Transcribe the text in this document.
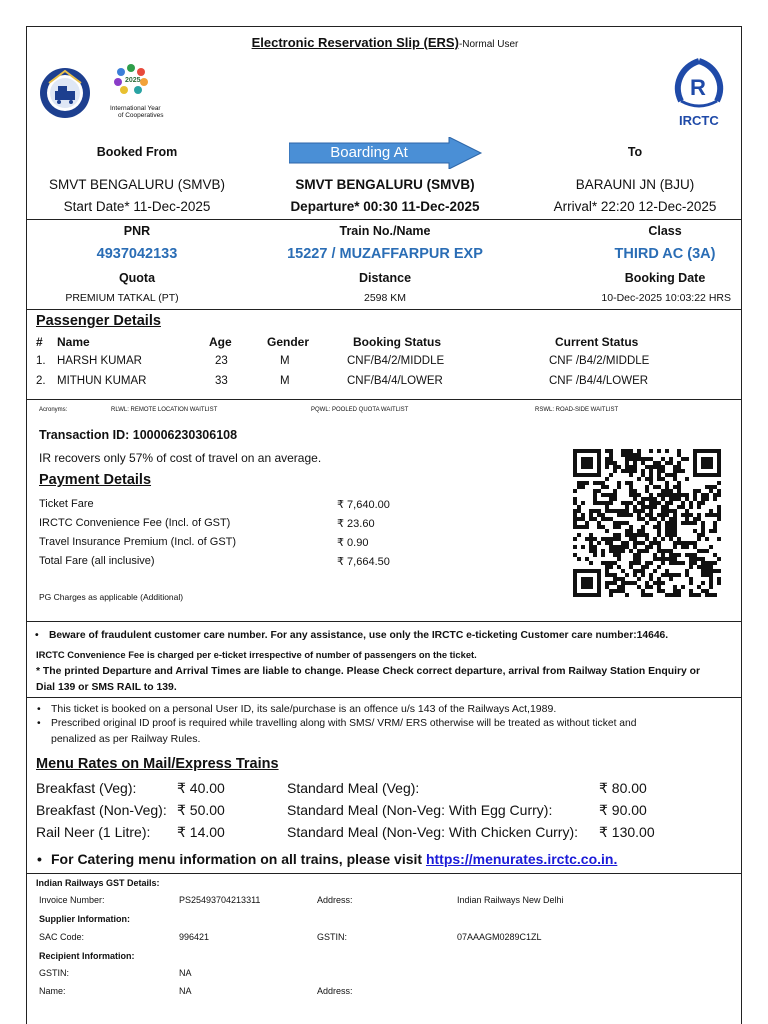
Electronic Reservation Slip (ERS)-Normal User
2025
International Year
of Cooperatives
R
IRCTC
Booked From	Boarding At	To
SMVT BENGALURU (SMVB)	SMVT BENGALURU (SMVB)	BARAUNI JN (BJU)
Start Date* 11-Dec-2025	Departure* 00:30 11-Dec-2025	Arrival* 22:20 12-Dec-2025
PNR	Train No./Name	Class
4937042133	15227 / MUZAFFARPUR EXP	THIRD AC (3A)
Quota	Distance	Booking Date
PREMIUM TATKAL (PT)	2598 KM	10-Dec-2025 10:03:22 HRS
Passenger Details
# Name	Age	Gender	Booking Status	Current Status
1. HARSH KUMAR	23	M	CNF/B4/2/MIDDLE	CNF /B4/2/MIDDLE
2. MITHUN KUMAR	33	M	CNF/B4/4/LOWER	CNF /B4/4/LOWER
Acronyms:	RLWL: REMOTE LOCATION WAITLIST	PQWL: POOLED QUOTA WAITLIST	RSWL: ROAD-SIDE WAITLIST
Transaction ID: 100006230306108
IR recovers only 57% of cost of travel on an average.
Payment Details
Ticket Fare	₹ 7,640.00
IRCTC Convenience Fee (Incl. of GST)	₹ 23.60
Travel Insurance Premium (Incl. of GST)	₹ 0.90
Total Fare (all inclusive)	₹ 7,664.50
PG Charges as applicable (Additional)
• Beware of fraudulent customer care number. For any assistance, use only the IRCTC e-ticketing Customer care number:14646.
IRCTC Convenience Fee is charged per e-ticket irrespective of number of passengers on the ticket.
* The printed Departure and Arrival Times are liable to change. Please Check correct departure, arrival from Railway Station Enquiry or
Dial 139 or SMS RAIL to 139.
• This ticket is booked on a personal User ID, its sale/purchase is an offence u/s 143 of the Railways Act,1989.
• Prescribed original ID proof is required while travelling along with SMS/ VRM/ ERS otherwise will be treated as without ticket and
penalized as per Railway Rules.
Menu Rates on Mail/Express Trains
Breakfast (Veg):	₹ 40.00	Standard Meal (Veg):	₹ 80.00
Breakfast (Non-Veg): ₹ 50.00	Standard Meal (Non-Veg: With Egg Curry):	₹ 90.00
Rail Neer (1 Litre): ₹ 14.00	Standard Meal (Non-Veg: With Chicken Curry): ₹ 130.00
• For Catering menu information on all trains, please visit https://menurates.irctc.co.in.
Indian Railways GST Details:
Invoice Number:	PS25493704213311	Address:	Indian Railways New Delhi
Supplier Information:
SAC Code:	996421	GSTIN:	07AAAGM0289C1ZL
Recipient Information:
GSTIN:	NA
Name:	NA	Address:
